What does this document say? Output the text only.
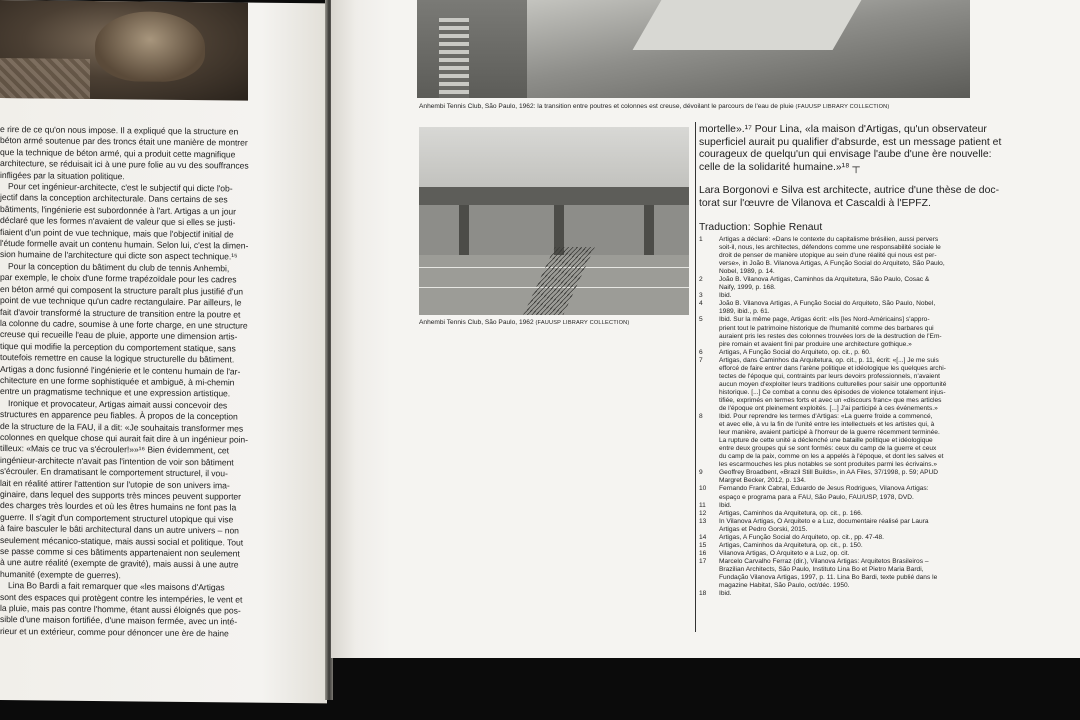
e rire de ce qu'on nous impose. Il a expliqué que la structure en

béton armé soutenue par des troncs était une manière de montrer

que la technique de béton armé, qui a produit cette magnifique

architecture, se réduisait ici à une pure folie au vu des souffrances

infligées par la situation politique.

Pour cet ingénieur-architecte, c'est le subjectif qui dicte l'ob-

jectif dans la conception architecturale. Dans certains de ses

bâtiments, l'ingénierie est subordonnée à l'art. Artigas a un jour

déclaré que les formes n'avaient de valeur que si elles se justi-

fiaient d'un point de vue technique, mais que l'objectif initial de

l'étude formelle avait un contenu humain. Selon lui, c'est la dimen-

sion humaine de l'architecture qui dicte son aspect technique.¹⁵

Pour la conception du bâtiment du club de tennis Anhembi,

par exemple, le choix d'une forme trapézoïdale pour les cadres

en béton armé qui composent la structure paraît plus justifié d'un

point de vue technique qu'un cadre rectangulaire. Par ailleurs, le

fait d'avoir transformé la structure de transition entre la poutre et

la colonne du cadre, soumise à une forte charge, en une structure

creuse qui recueille l'eau de pluie, apporte une dimension artis-

tique qui modifie la perception du comportement statique, sans

toutefois remettre en cause la logique structurelle du bâtiment.

Artigas a donc fusionné l'ingénierie et le contenu humain de l'ar-

chitecture en une forme sophistiquée et ambiguë, à mi-chemin

entre un pragmatisme technique et une expression artistique.

Ironique et provocateur, Artigas aimait aussi concevoir des

structures en apparence peu fiables. À propos de la conception

de la structure de la FAU, il a dit: «Je souhaitais transformer mes

colonnes en quelque chose qui aurait fait dire à un ingénieur poin-

tilleux: «Mais ce truc va s'écrouler!»»¹⁶ Bien évidemment, cet

ingénieur-architecte n'avait pas l'intention de voir son bâtiment

s'écrouler. En dramatisant le comportement structurel, il vou-

lait en réalité attirer l'attention sur l'utopie de son univers ima-

ginaire, dans lequel des supports très minces peuvent supporter

des charges très lourdes et où les êtres humains ne font pas la

guerre. Il s'agit d'un comportement structurel utopique qui vise

à faire basculer le bâti architectural dans un autre univers – non

seulement mécanico-statique, mais aussi social et politique. Tout

se passe comme si ces bâtiments appartenaient non seulement

à une autre réalité (exempte de gravité), mais aussi à une autre

humanité (exempte de guerres).

Lina Bo Bardi a fait remarquer que «les maisons d'Artigas

sont des espaces qui protègent contre les intempéries, le vent et

la pluie, mais pas contre l'homme, étant aussi éloignés que pos-

sible d'une maison fortifiée, d'une maison fermée, avec un inté-

rieur et un extérieur, comme pour dénoncer une ère de haine

Anhembi Tennis Club, São Paulo, 1962: la transition entre poutres et colonnes est creuse, dévoilant le parcours de l'eau de pluie (FAUUSP LIBRARY COLLECTION)
Anhembi Tennis Club, São Paulo, 1962 (FAUUSP LIBRARY COLLECTION)

mortelle».¹⁷ Pour Lina, «la maison d'Artigas, qu'un observateur

superficiel aurait pu qualifier d'absurde, est un message patient et

courageux de quelqu'un qui envisage l'aube d'une ère nouvelle:

celle de la solidarité humaine.»¹⁸ ┬

Lara Borgonovi e Silva est architecte, autrice d'une thèse de doc-

torat sur l'œuvre de Vilanova et Cascaldi à l'EPFZ.

Traduction: Sophie Renaut

1	Artigas a déclaré: «Dans le contexte du capitalisme brésilien, aussi pervers
soit-il, nous, les architectes, défendons comme une responsabilité sociale le
droit de penser de manière utopique au sein d'une réalité qui nous est per-
verse», in João B. Vilanova Artigas, A Função Social do Arquiteto, São Paulo,
Nobel, 1989, p. 14.
2	João B. Vilanova Artigas, Caminhos da Arquitetura, São Paulo, Cosac &
Naify, 1999, p. 168.
3	Ibid.
4	João B. Vilanova Artigas, A Função Social do Arquiteto, São Paulo, Nobel,
1989, ibid., p. 61.
5	Ibid. Sur la même page, Artigas écrit: «Ils [les Nord-Américains] s'appro-
prient tout le patrimoine historique de l'humanité comme des barbares qui
auraient pris les restes des colonnes trouvées lors de la destruction de l'Em-
pire romain et avaient fini par produire une architecture gothique.»
6	Artigas, A Função Social do Arquiteto, op. cit., p. 60.
7	Artigas, dans Caminhos da Arquitetura, op. cit., p. 11, écrit: «[...] Je me suis
efforcé de faire entrer dans l'arène politique et idéologique les quelques archi-
tectes de l'époque qui, contraints par leurs devoirs professionnels, n'avaient
aucun moyen d'exploiter leurs traditions culturelles pour saisir une opportunité
historique. [...] Ce combat a connu des épisodes de violence totalement injus-
tifiée, exprimés en termes forts et avec un «discours franc» que mes articles
de l'époque ont pleinement exploités. [...] J'ai participé à ces événements.»
8	Ibid. Pour reprendre les termes d'Artigas: «La guerre froide a commencé,
et avec elle, à vu la fin de l'unité entre les intellectuels et les artistes qui, à
leur manière, avaient participé à l'horreur de la guerre récemment terminée.
La rupture de cette unité a déclenché une bataille politique et idéologique
entre deux groupes qui se sont formés: ceux du camp de la guerre et ceux
du camp de la paix, comme on les a appelés à l'époque, et dont les salves et
les escarmouches les plus notables se sont produites parmi les écrivains.»
9	Geoffrey Broadbent, «Brazil Still Builds», in AA Files, 37/1998, p. 59; APUD
Margret Becker, 2012, p. 134.
10	Fernando Frank Cabral, Eduardo de Jesus Rodrigues, Vilanova Artigas:
espaço e programa para a FAU, São Paulo, FAU/USP, 1978, DVD.
11	Ibid.
12	Artigas, Caminhos da Arquitetura, op. cit., p. 166.
13	In Vilanova Artigas, O Arquiteto e a Luz, documentaire réalisé par Laura
Artigas et Pedro Gorski, 2015.
14	Artigas, A Função Social do Arquiteto, op. cit., pp. 47-48.
15	Artigas, Caminhos da Arquitetura, op. cit., p. 150.
16	Vilanova Artigas, O Arquiteto e a Luz, op. cit.
17	Marcelo Carvalho Ferraz (dir.), Vilanova Artigas: Arquitetos Brasileiros –
Brazilian Architects, São Paulo, Instituto Lina Bo et Pietro Maria Bardi,
Fundação Vilanova Artigas, 1997, p. 11. Lina Bo Bardi, texte publié dans le
magazine Habitat, São Paulo, oct/déc. 1950.
18	Ibid.
